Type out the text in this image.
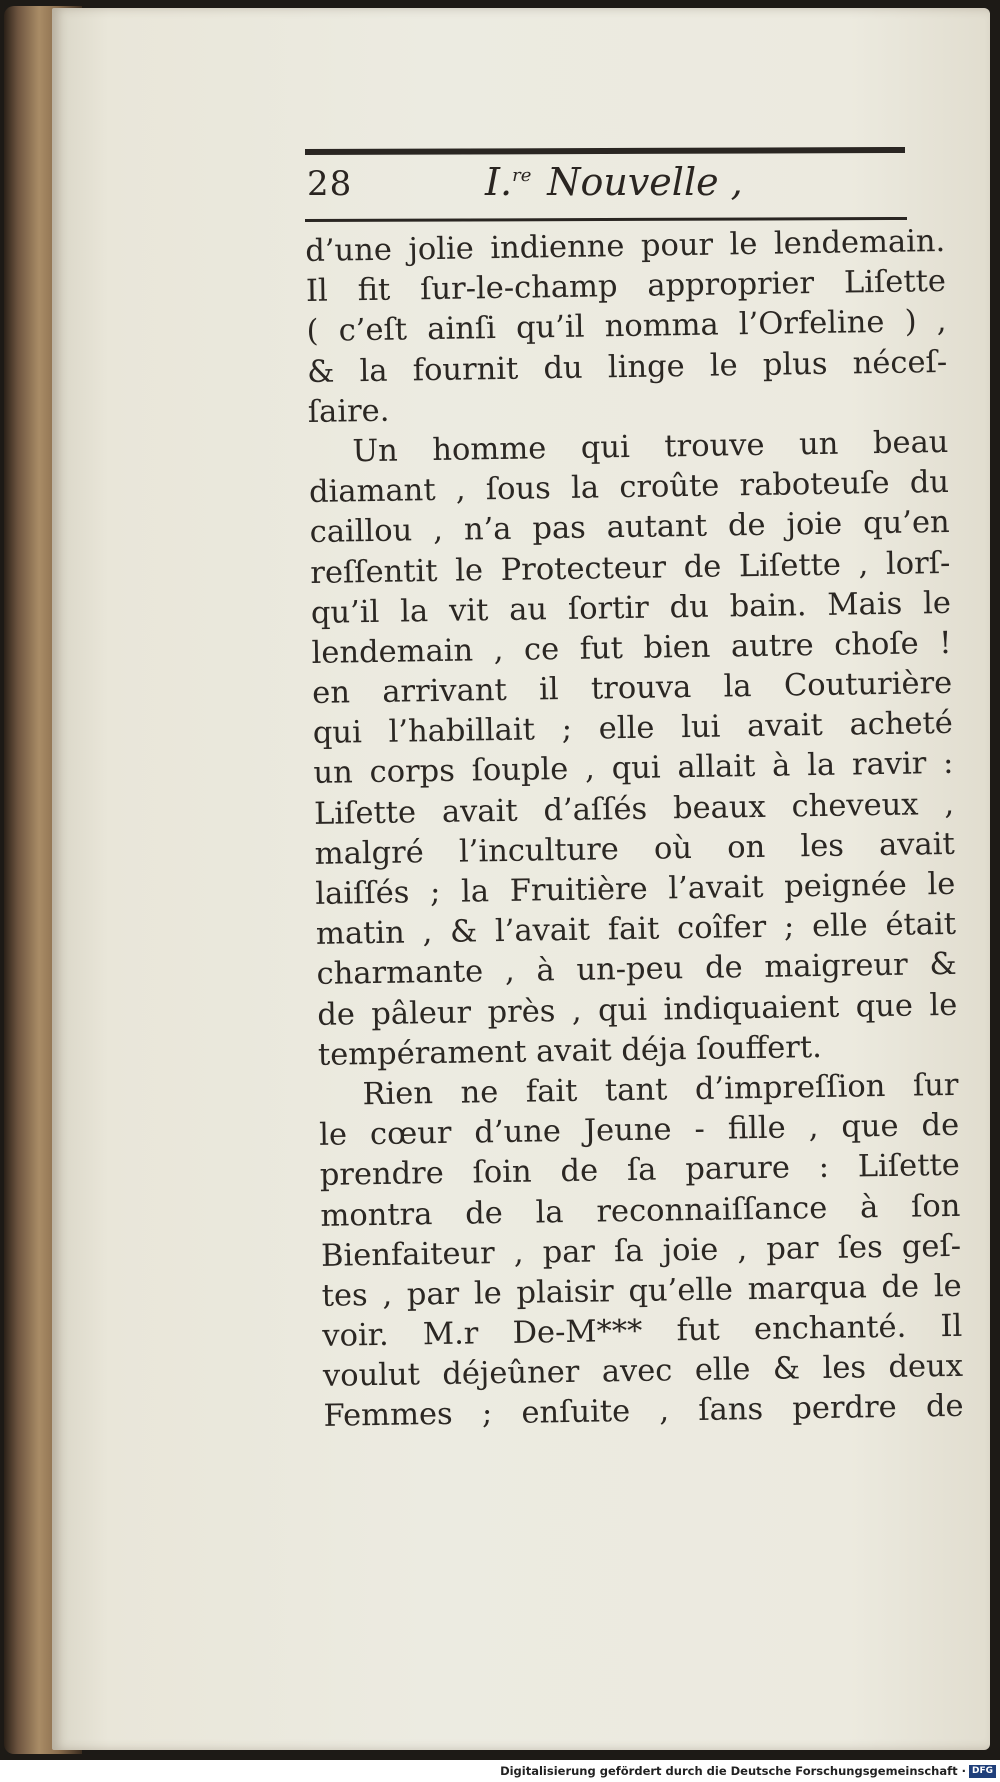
28	I.$^{re}$  Nouvelle ,
d’une jolie indienne pour le lendemain.
Il fit ſur-le-champ approprier Liſette
( c’eſt ainſi qu’il nomma l’Orfeline ) ,
& la fournit du linge le plus néceſ-
ſaire.
Un homme qui trouve un beau
diamant , ſous la croûte raboteuſe du
caillou , n’a pas autant de joie qu’en
reſſentit le Protecteur de Liſette , lorſ-
qu’il la vit au ſortir du bain. Mais le
lendemain , ce fut bien autre choſe !
en arrivant il trouva la Couturière
qui l’habillait ; elle lui avait acheté
un corps ſouple , qui allait à la ravir :
Liſette avait d’aſſés beaux cheveux ,
malgré l’inculture où on les avait
laiſſés ; la Fruitière l’avait peignée le
matin , & l’avait fait coîfer ; elle était
charmante , à un-peu de maigreur &
de pâleur près , qui indiquaient que le
tempérament avait déja ſouffert.
Rien ne fait tant d’impreſſion ſur
le cœur d’une Jeune - fille , que de
prendre ſoin de ſa parure : Liſette
montra de la reconnaiſſance à ſon
Bienfaiteur , par ſa joie , par ſes geſ-
tes , par le plaisir qu’elle marqua de le
voir. M.r De-M*** fut enchanté. Il
voulut déjeûner avec elle & les deux
Femmes ; enſuite , ſans perdre de
Digitalisierung gefördert durch die Deutsche Forschungsgemeinschaft · DFG
